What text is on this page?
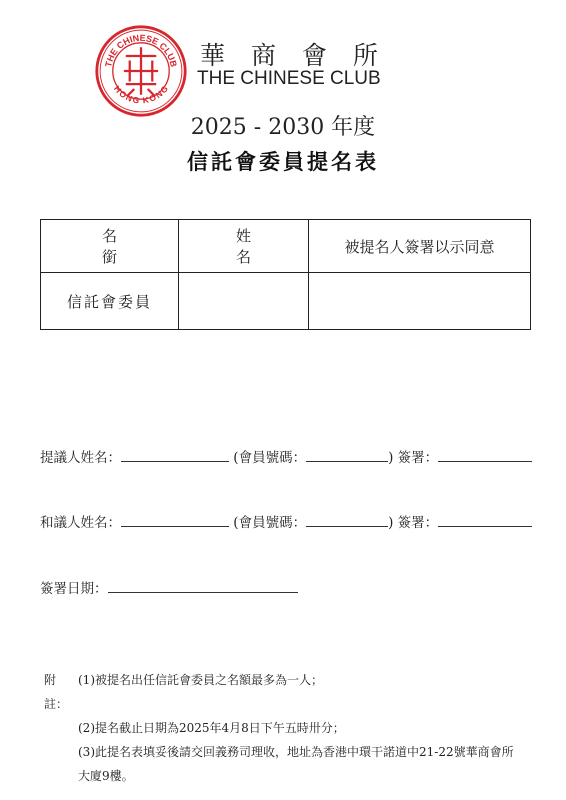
THE CHINESE CLUB
HONG KONG
華 商 會 所
THE CHINESE CLUB
2025 - 2030 年度
信託會委員提名表
名銜	姓名	被提名人簽署以示同意
信託會委員		
提議人姓名：	(會員號碼：	) 簽署：
和議人姓名：	(會員號碼：	) 簽署：
簽署日期：
附註：
(1)被提名出任信託會委員之名額最多為一人；
(2)提名截止日期為2025年4月8日下午五時卅分；
(3)此提名表填妥後請交回義務司理收，地址為香港中環干諾道中21-22號華商會所大廈9樓。
